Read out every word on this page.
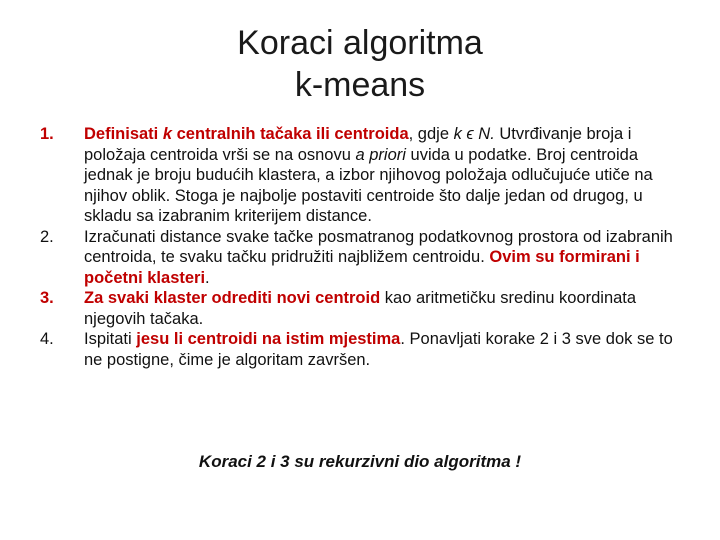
Koraci algoritma
k-means

1.	Definisati k centralnih tačaka ili centroida, gdje k ϵ N. Utvrđivanje broja i položaja centroida vrši se na osnovu a priori uvida u podatke. Broj centroida jednak je broju budućih klastera, a izbor njihovog položaja odlučujuće utiče na njihov oblik. Stoga je najbolje postaviti centroide što dalje jedan od drugog, u skladu sa izabranim kriterijem distance.

2.	Izračunati distance svake tačke posmatranog podatkovnog prostora od izabranih centroida, te svaku tačku pridružiti najbližem centroidu. Ovim su formirani i početni klasteri.

3.	Za svaki klaster odrediti novi centroid kao aritmetičku sredinu koordinata njegovih tačaka.

4.	Ispitati jesu li centroidi na istim mjestima. Ponavljati korake 2 i 3 sve dok se to ne postigne, čime je algoritam završen.

Koraci 2 i 3 su rekurzivni dio algoritma !
